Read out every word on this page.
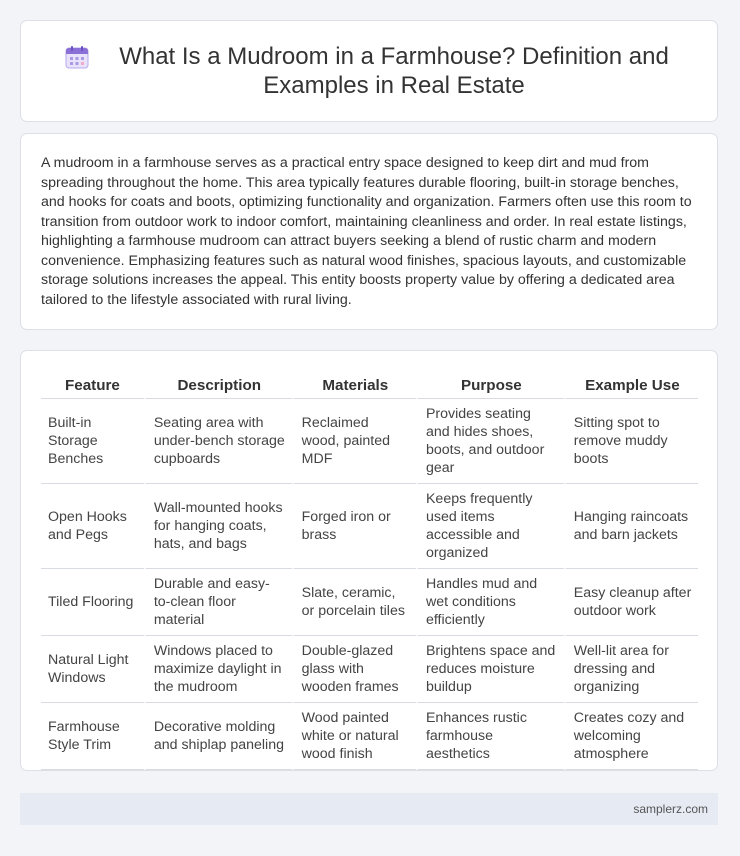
What Is a Mudroom in a Farmhouse? Definition and Examples in Real Estate

A mudroom in a farmhouse serves as a practical entry space designed to keep dirt and mud from spreading throughout the home. This area typically features durable flooring, built-in storage benches, and hooks for coats and boots, optimizing functionality and organization. Farmers often use this room to transition from outdoor work to indoor comfort, maintaining cleanliness and order. In real estate listings, highlighting a farmhouse mudroom can attract buyers seeking a blend of rustic charm and modern convenience. Emphasizing features such as natural wood finishes, spacious layouts, and customizable storage solutions increases the appeal. This entity boosts property value by offering a dedicated area tailored to the lifestyle associated with rural living.

Feature	Description	Materials	Purpose	Example Use
Built-in Storage Benches	Seating area with under-bench storage cupboards	Reclaimed wood, painted MDF	Provides seating and hides shoes, boots, and outdoor gear	Sitting spot to remove muddy boots
Open Hooks and Pegs	Wall-mounted hooks for hanging coats, hats, and bags	Forged iron or brass	Keeps frequently used items accessible and organized	Hanging raincoats and barn jackets
Tiled Flooring	Durable and easy-to-clean floor material	Slate, ceramic, or porcelain tiles	Handles mud and wet conditions efficiently	Easy cleanup after outdoor work
Natural Light Windows	Windows placed to maximize daylight in the mudroom	Double-glazed glass with wooden frames	Brightens space and reduces moisture buildup	Well-lit area for dressing and organizing
Farmhouse Style Trim	Decorative molding and shiplap paneling	Wood painted white or natural wood finish	Enhances rustic farmhouse aesthetics	Creates cozy and welcoming atmosphere
samplerz.com
